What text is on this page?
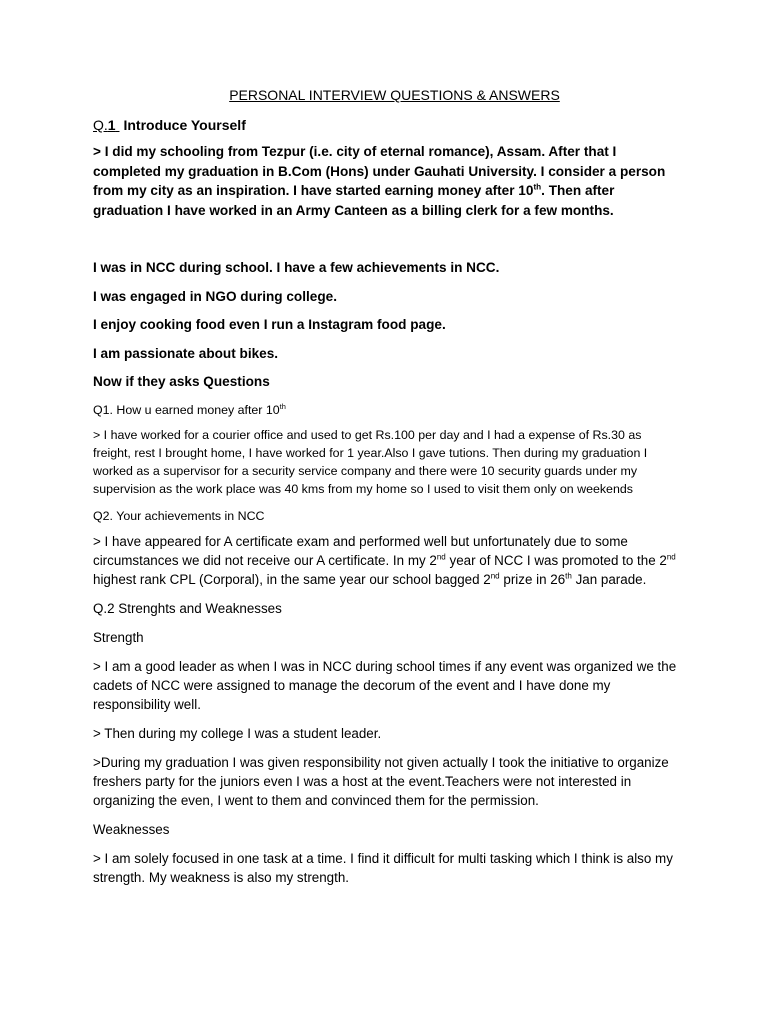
PERSONAL INTERVIEW QUESTIONS & ANSWERS
Q.1 Introduce Yourself

> I did my schooling from Tezpur (i.e. city of eternal romance), Assam. After that I completed my graduation in B.Com (Hons) under Gauhati University. I consider a person from my city as an inspiration. I have started earning money after 10th. Then after graduation I have worked in an Army Canteen as a billing clerk for a few months.

I was in NCC during school. I have a few achievements in NCC.

I was engaged in NGO during college.

I enjoy cooking food even I run a Instagram food page.

I am passionate about bikes.

Now if they asks Questions

Q1. How u earned money after 10th

> I have worked for a courier office and used to get Rs.100 per day and I had a expense of Rs.30 as freight, rest I brought home, I have worked for 1 year.Also I gave tutions. Then during my graduation I worked as a supervisor for a security service company and there were 10 security guards under my supervision as the work place was 40 kms from my home so I used to visit them only on weekends

Q2. Your achievements in NCC

> I have appeared for A certificate exam and performed well but unfortunately due to some circumstances we did not receive our A certificate. In my 2nd year of NCC I was promoted to the 2nd highest rank CPL (Corporal), in the same year our school bagged 2nd prize in 26th Jan parade.

Q.2 Strenghts and Weaknesses

Strength

> I am a good leader as when I was in NCC during school times if any event was organized we the cadets of NCC were assigned to manage the decorum of the event and I have done my responsibility well.

> Then during my college I was a student leader.

>During my graduation I was given responsibility not given actually I took the initiative to organize freshers party for the juniors even I was a host at the event.Teachers were not interested in organizing the even, I went to them and convinced them for the permission.

Weaknesses

> I am solely focused in one task at a time. I find it difficult for multi tasking which I think is also my strength. My weakness is also my strength.
